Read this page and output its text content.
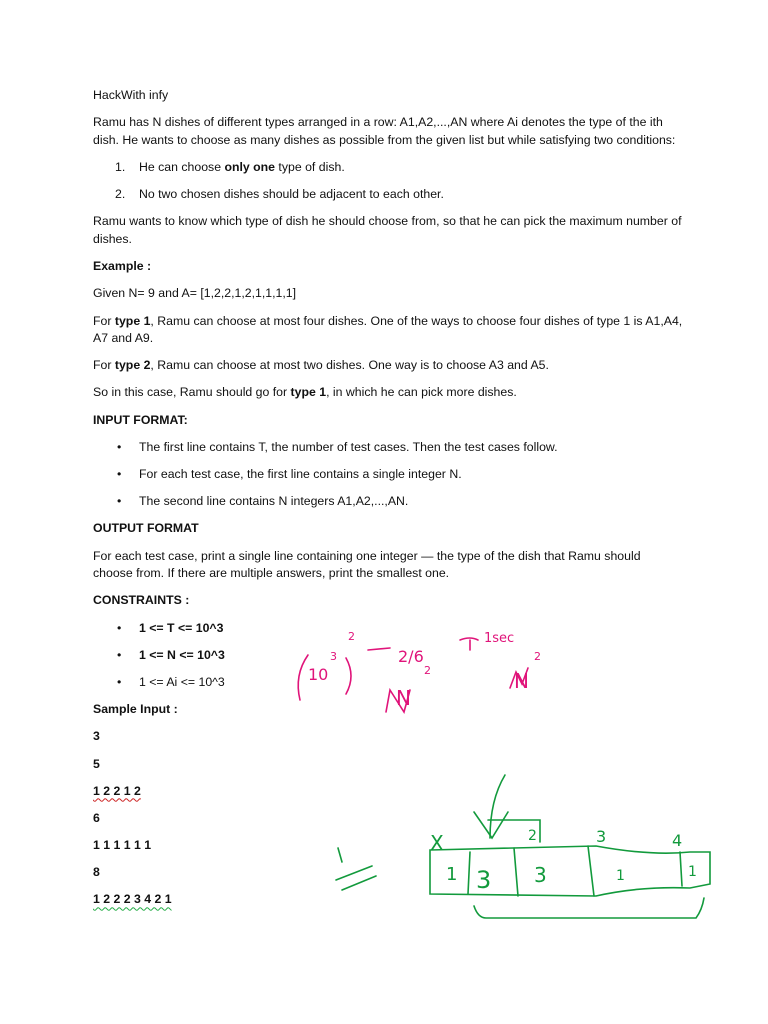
HackWith infy

Ramu has N dishes of different types arranged in a row: A1,A2,...,AN where Ai denotes the type of the ith dish. He wants to choose as many dishes as possible from the given list but while satisfying two conditions:

1. He can choose only one type of dish.
2. No two chosen dishes should be adjacent to each other.

Ramu wants to know which type of dish he should choose from, so that he can pick the maximum number of dishes.

Example :

Given N= 9 and A= [1,2,2,1,2,1,1,1,1]

For type 1, Ramu can choose at most four dishes. One of the ways to choose four dishes of type 1 is A1,A4, A7 and A9.

For type 2, Ramu can choose at most two dishes. One way is to choose A3 and A5.

So in this case, Ramu should go for type 1, in which he can pick more dishes.

INPUT FORMAT:

• The first line contains T, the number of test cases. Then the test cases follow.
• For each test case, the first line contains a single integer N.
• The second line contains N integers A1,A2,...,AN.

OUTPUT FORMAT

For each test case, print a single line containing one integer — the type of the dish that Ramu should choose from. If there are multiple answers, print the smallest one.

CONSTRAINTS :

• 1 <= T <= 10^3
• 1 <= N <= 10^3
• 1 <= Ai <= 10^3

Sample Input :

3

5

1 2 2 1 2

6

1 1 1 1 1 1

8

1 2 2 2 3 4 2 1

10
3
2
2/6
1sec
N
2	N
2
X	2	3	4
1 3 3	1	1
